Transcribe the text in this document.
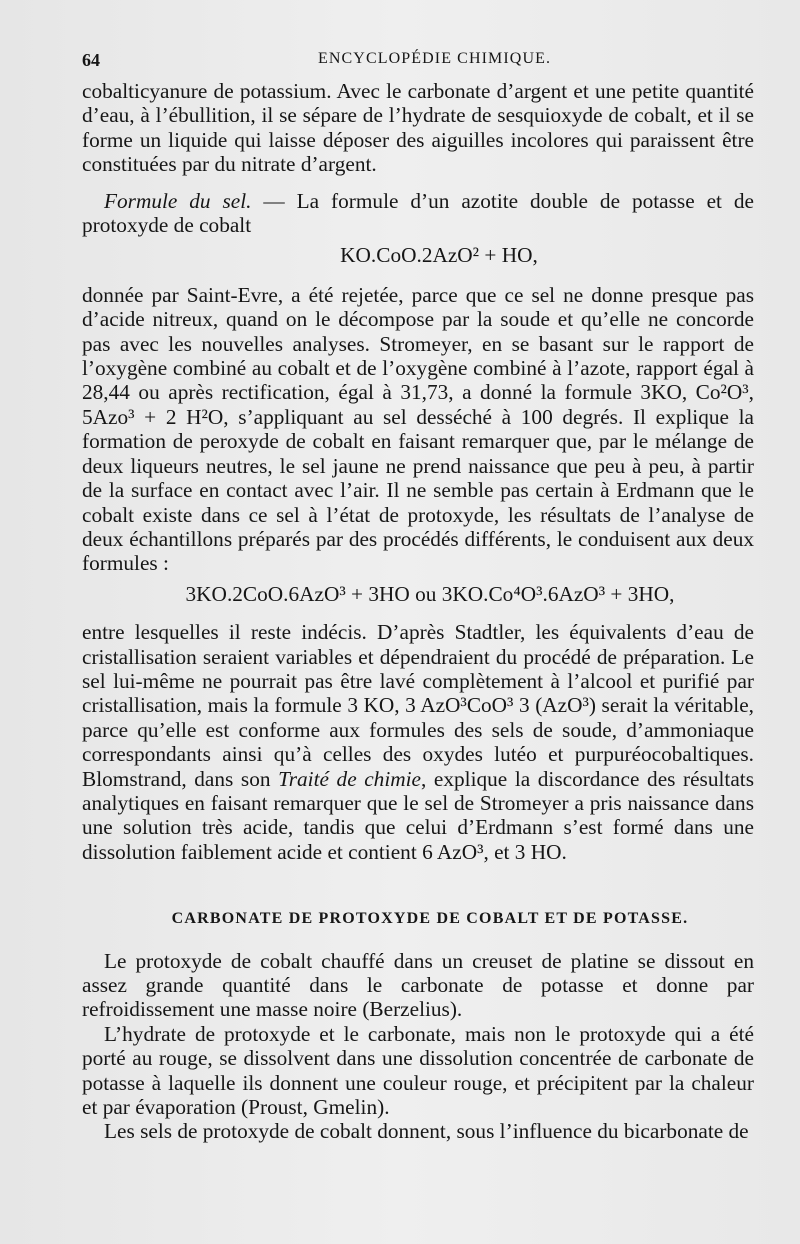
64	ENCYCLOPÉDIE CHIMIQUE.

cobalticyanure de potassium. Avec le carbonate d’argent et une petite quantité d’eau, à l’ébullition, il se sépare de l’hydrate de sesquioxyde de cobalt, et il se forme un liquide qui laisse déposer des aiguilles incolores qui paraissent être constituées par du nitrate d’argent.

Formule du sel. — La formule d’un azotite double de potasse et de protoxyde de cobalt

KO.CoO.2AzO² + HO,

donnée par Saint-Evre, a été rejetée, parce que ce sel ne donne presque pas d’acide nitreux, quand on le décompose par la soude et qu’elle ne concorde pas avec les nouvelles analyses. Stromeyer, en se basant sur le rapport de l’oxygène combiné au cobalt et de l’oxygène combiné à l’azote, rapport égal à 28,44 ou après rectification, égal à 31,73, a donné la formule 3KO, Co²O³, 5Azo³ + 2 H²O, s’appliquant au sel desséché à 100 degrés. Il explique la formation de peroxyde de cobalt en faisant remarquer que, par le mélange de deux liqueurs neutres, le sel jaune ne prend naissance que peu à peu, à partir de la surface en contact avec l’air. Il ne semble pas certain à Erdmann que le cobalt existe dans ce sel à l’état de protoxyde, les résultats de l’analyse de deux échantillons préparés par des procédés différents, le conduisent aux deux formules :

3KO.2CoO.6AzO³ + 3HO ou 3KO.Co⁴O³.6AzO³ + 3HO,

entre lesquelles il reste indécis. D’après Stadtler, les équivalents d’eau de cristallisation seraient variables et dépendraient du procédé de préparation. Le sel lui-même ne pourrait pas être lavé complètement à l’alcool et purifié par cristallisation, mais la formule 3 KO, 3 AzO³CoO³ 3 (AzO³) serait la véritable, parce qu’elle est conforme aux formules des sels de soude, d’ammoniaque correspondants ainsi qu’à celles des oxydes lutéo et purpuréocobaltiques. Blomstrand, dans son Traité de chimie, explique la discordance des résultats analytiques en faisant remarquer que le sel de Stromeyer a pris naissance dans une solution très acide, tandis que celui d’Erdmann s’est formé dans une dissolution faiblement acide et contient 6 AzO³, et 3 HO.

CARBONATE DE PROTOXYDE DE COBALT ET DE POTASSE.

Le protoxyde de cobalt chauffé dans un creuset de platine se dissout en assez grande quantité dans le carbonate de potasse et donne par refroidissement une masse noire (Berzelius).

L’hydrate de protoxyde et le carbonate, mais non le protoxyde qui a été porté au rouge, se dissolvent dans une dissolution concentrée de carbonate de potasse à laquelle ils donnent une couleur rouge, et précipitent par la chaleur et par évaporation (Proust, Gmelin).

Les sels de protoxyde de cobalt donnent, sous l’influence du bicarbonate de
